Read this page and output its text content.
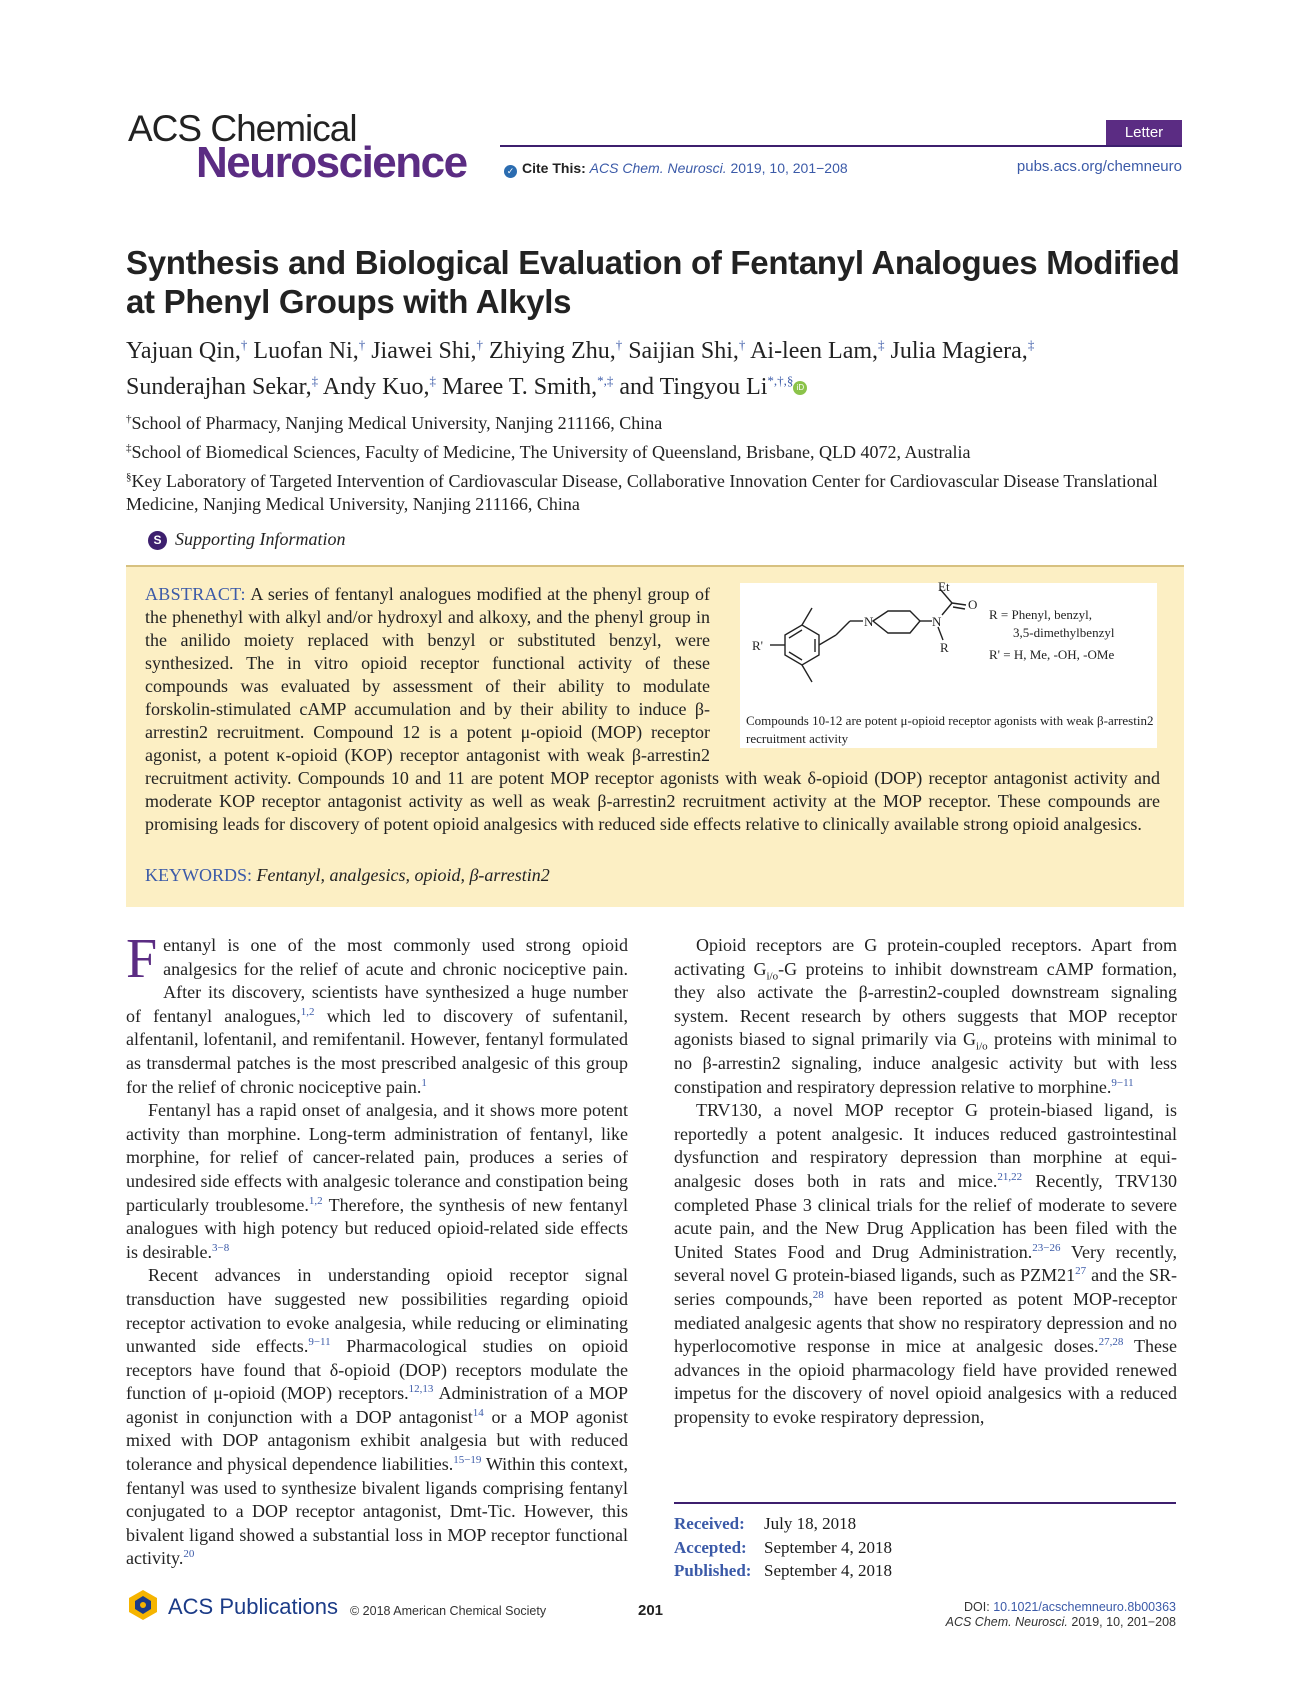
ACS Chemical
Neuroscience
Letter
✓ Cite This: ACS Chem. Neurosci. 2019, 10, 201−208	pubs.acs.org/chemneuro
Synthesis and Biological Evaluation of Fentanyl Analogues Modified at Phenyl Groups with Alkyls
Yajuan Qin,† Luofan Ni,† Jiawei Shi,† Zhiying Zhu,† Saijian Shi,† Ai-leen Lam,‡ Julia Magiera,‡
Sunderajhan Sekar,‡ Andy Kuo,‡ Maree T. Smith,*,‡ and Tingyou Li*,†,§ iD
†School of Pharmacy, Nanjing Medical University, Nanjing 211166, China
‡School of Biomedical Sciences, Faculty of Medicine, The University of Queensland, Brisbane, QLD 4072, Australia
§Key Laboratory of Targeted Intervention of Cardiovascular Disease, Collaborative Innovation Center for Cardiovascular Disease Translational Medicine, Nanjing Medical University, Nanjing 211166, China
S Supporting Information
ABSTRACT: A series of fentanyl analogues modified at the phenyl group of the phenethyl with alkyl and/or hydroxyl and alkoxy, and the phenyl group in the anilido moiety replaced with benzyl or substituted benzyl, were synthesized. The in vitro opioid receptor functional activity of these compounds was evaluated by assessment of their ability to modulate forskolin-stimulated cAMP accumulation and by their ability to induce β-arrestin2 recruitment. Compound 12 is a potent μ-opioid (MOP) receptor agonist, a potent κ-opioid (KOP) receptor antagonist with weak β-arrestin2 recruitment activity. Compounds 10 and 11 are potent MOP receptor agonists with weak δ-opioid (DOP) receptor antagonist activity and moderate KOP receptor antagonist activity as well as weak β-arrestin2 recruitment activity at the MOP receptor. These compounds are promising leads for discovery of potent opioid analgesics with reduced side effects relative to clinically available strong opioid analgesics.
KEYWORDS: Fentanyl, analgesics, opioid, β-arrestin2
Et
O
N	N
R
R'
R = Phenyl, benzyl,
3,5-dimethylbenzyl
R' = H, Me, -OH, -OMe
Compounds 10-12 are potent μ-opioid receptor agonists with weak β-arrestin2 recruitment activity

Fentanyl is one of the most commonly used strong opioid analgesics for the relief of acute and chronic nociceptive pain. After its discovery, scientists have synthesized a huge number of fentanyl analogues,$^{1,2}$ which led to discovery of sufentanil, alfentanil, lofentanil, and remifentanil. However, fentanyl formulated as transdermal patches is the most prescribed analgesic of this group for the relief of chronic nociceptive pain.$^1$

Fentanyl has a rapid onset of analgesia, and it shows more potent activity than morphine. Long-term administration of fentanyl, like morphine, for relief of cancer-related pain, produces a series of undesired side effects with analgesic tolerance and constipation being particularly troublesome.$^{1,2}$ Therefore, the synthesis of new fentanyl analogues with high potency but reduced opioid-related side effects is desirable.$^{3-8}$

Recent advances in understanding opioid receptor signal transduction have suggested new possibilities regarding opioid receptor activation to evoke analgesia, while reducing or eliminating unwanted side effects.$^{9-11}$ Pharmacological studies on opioid receptors have found that δ-opioid (DOP) receptors modulate the function of μ-opioid (MOP) receptors.$^{12,13}$ Administration of a MOP agonist in conjunction with a DOP antagonist$^{14}$ or a MOP agonist mixed with DOP antagonism exhibit analgesia but with reduced tolerance and physical dependence liabilities.$^{15-19}$ Within this context, fentanyl was used to synthesize bivalent ligands comprising fentanyl conjugated to a DOP receptor antagonist, Dmt-Tic. However, this bivalent ligand showed a substantial loss in MOP receptor functional activity.$^{20}$

Opioid receptors are G protein-coupled receptors. Apart from activating $G_{i/o}-G$ proteins to inhibit downstream cAMP formation, they also activate the β-arrestin2-coupled downstream signaling system. Recent research by others suggests that MOP receptor agonists biased to signal primarily via $G_{i/o}$ proteins with minimal to no β-arrestin2 signaling, induce analgesic activity but with less constipation and respiratory depression relative to morphine.$^{9-11}$

TRV130, a novel MOP receptor G protein-biased ligand, is reportedly a potent analgesic. It induces reduced gastrointestinal dysfunction and respiratory depression than morphine at equi-analgesic doses both in rats and mice.$^{21,22}$ Recently, TRV130 completed Phase 3 clinical trials for the relief of moderate to severe acute pain, and the New Drug Application has been filed with the United States Food and Drug Administration.$^{23-26}$ Very recently, several novel G protein-biased ligands, such as PZM21$^{27}$ and the SR-series compounds,$^{28}$ have been reported as potent MOP-receptor mediated analgesic agents that show no respiratory depression and no hyperlocomotive response in mice at analgesic doses.$^{27,28}$ These advances in the opioid pharmacology field have provided renewed impetus for the discovery of novel opioid analgesics with a reduced propensity to evoke respiratory depression,

Received: July 18, 2018
Accepted: September 4, 2018
Published: September 4, 2018
ACS Publications © 2018 American Chemical Society	201	DOI: 10.1021/acschemneuro.8b00363
ACS Chem. Neurosci. 2019, 10, 201−208
